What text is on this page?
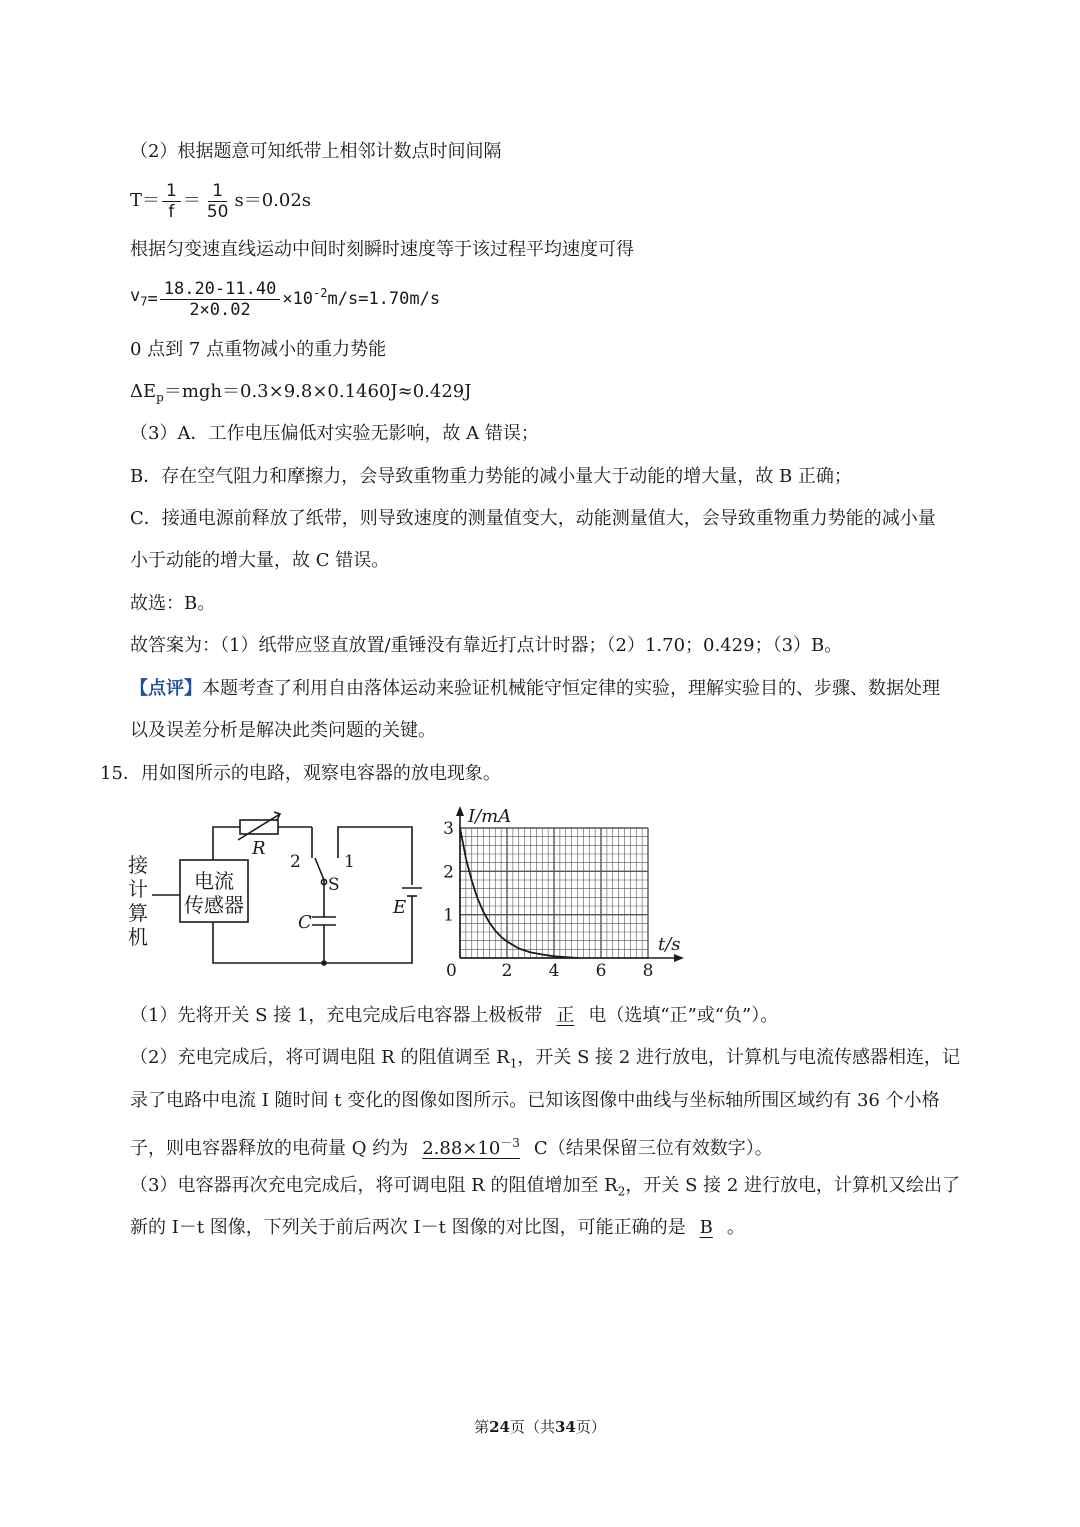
（2）根据题意可知纸带上相邻计数点时间间隔
$T= \frac{1}{f} = \frac{1}{50} s=0.02s$
根据匀变速直线运动中间时刻瞬时速度等于该过程平均速度可得
$v_7 = \frac{18.20-11.40}{2\times 0.02} \times 10^{-2}$ m/s=1.70m/s
0 点到 7 点重物减小的重力势能
$\Delta E_p=mgh=0.3\times 9.8\times 0.1460J\approx 0.429J$
（3）A．工作电压偏低对实验无影响，故 A 错误；
B．存在空气阻力和摩擦力，会导致重物重力势能的减小量大于动能的增大量，故 B 正确；
C．接通电源前释放了纸带，则导致速度的测量值变大，动能测量值大，会导致重物重力势能的减小量
小于动能的增大量，故 C 错误。
故选：B。
故答案为：（1）纸带应竖直放置/重锤没有靠近打点计时器；（2）1.70；0.429；（3）B。
【点评】本题考查了利用自由落体运动来验证机械能守恒定律的实验，理解实验目的、步骤、数据处理
以及误差分析是解决此类问题的关键。
15．用如图所示的电路，观察电容器的放电现象。
接
计
算
机
电流
传感器
R
C
E
S
1
2
2 4 6 8
1
2
3
I/mA
t/s
0
（1）先将开关 S 接 1，充电完成后电容器上极板带 正 电（选填“正”或“负”）。
（2）充电完成后，将可调电阻 R 的阻值调至 $R_1$，开关 S 接 2 进行放电，计算机与电流传感器相连，记
录了电路中电流 I 随时间 t 变化的图像如图所示。已知该图像中曲线与坐标轴所围区域约有 36 个小格
子，则电容器释放的电荷量 Q 约为 $2.88\times 10^{-3}$ C（结果保留三位有效数字）。
（3）电容器再次充电完成后，将可调电阻 R 的阻值增加至 $R_2$，开关 S 接 2 进行放电，计算机又绘出了
新的 I－t 图像，下列关于前后两次 I－t 图像的对比图，可能正确的是 B 。
第24页（共34页）
